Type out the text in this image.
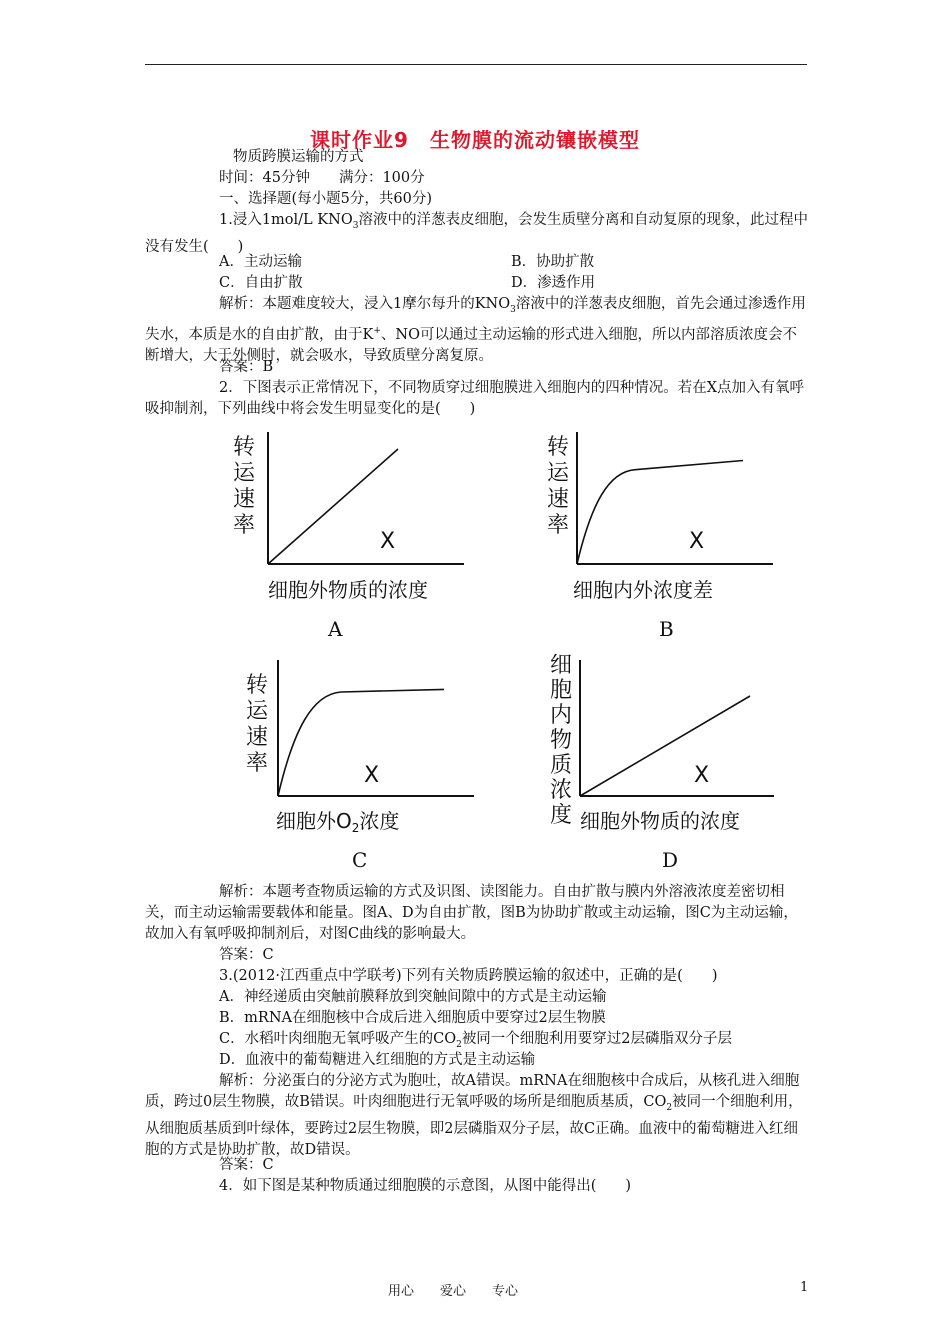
课时作业9　生物膜的流动镶嵌模型
物质跨膜运输的方式
时间：45分钟　　满分：100分
一、选择题(每小题5分，共60分)

1.浸入1mol/L $KNO_3$溶液中的洋葱表皮细胞，会发生质壁分离和自动复原的现象，此过程中没有发生(　　)

A．主动运输	B．协助扩散
C．自由扩散	D．渗透作用

解析：本题难度较大，浸入1摩尔每升的$KNO_3$溶液中的洋葱表皮细胞，首先会通过渗透作用失水，本质是水的自由扩散，由于K+、NO可以通过主动运输的形式进入细胞，所以内部溶质浓度会不断增大，大于外侧时，就会吸水，导致质壁分离复原。

答案：B

2．下图表示正常情况下，不同物质穿过细胞膜进入细胞内的四种情况。若在X点加入有氧呼吸抑制剂，下列曲线中将会发生明显变化的是(　　)

转
运
速
率
X
细胞外物质的浓度
A
转
运
速
率
X
细胞内外浓度差
B
转
运
速
率	X
细胞外$O_2$浓度
C
细
胞
内
物
质
浓
度
X
细胞外物质的浓度
D

解析：本题考查物质运输的方式及识图、读图能力。自由扩散与膜内外溶液浓度差密切相关，而主动运输需要载体和能量。图A、D为自由扩散，图B为协助扩散或主动运输，图C为主动运输，故加入有氧呼吸抑制剂后，对图C曲线的影响最大。

答案：C
3.(2012·江西重点中学联考)下列有关物质跨膜运输的叙述中，正确的是(　　)
A．神经递质由突触前膜释放到突触间隙中的方式是主动运输
B．mRNA在细胞核中合成后进入细胞质中要穿过2层生物膜
C．水稻叶肉细胞无氧呼吸产生的$CO_2$被同一个细胞利用要穿过2层磷脂双分子层
D．血液中的葡萄糖进入红细胞的方式是主动运输

解析：分泌蛋白的分泌方式为胞吐，故A错误。mRNA在细胞核中合成后，从核孔进入细胞质，跨过0层生物膜，故B错误。叶肉细胞进行无氧呼吸的场所是细胞质基质，$CO_2$被同一个细胞利用，从细胞质基质到叶绿体，要跨过2层生物膜，即2层磷脂双分子层，故C正确。血液中的葡萄糖进入红细胞的方式是协助扩散，故D错误。

答案：C
4．如下图是某种物质通过细胞膜的示意图，从图中能得出(　　)
用心　　爱心　　专心	1
